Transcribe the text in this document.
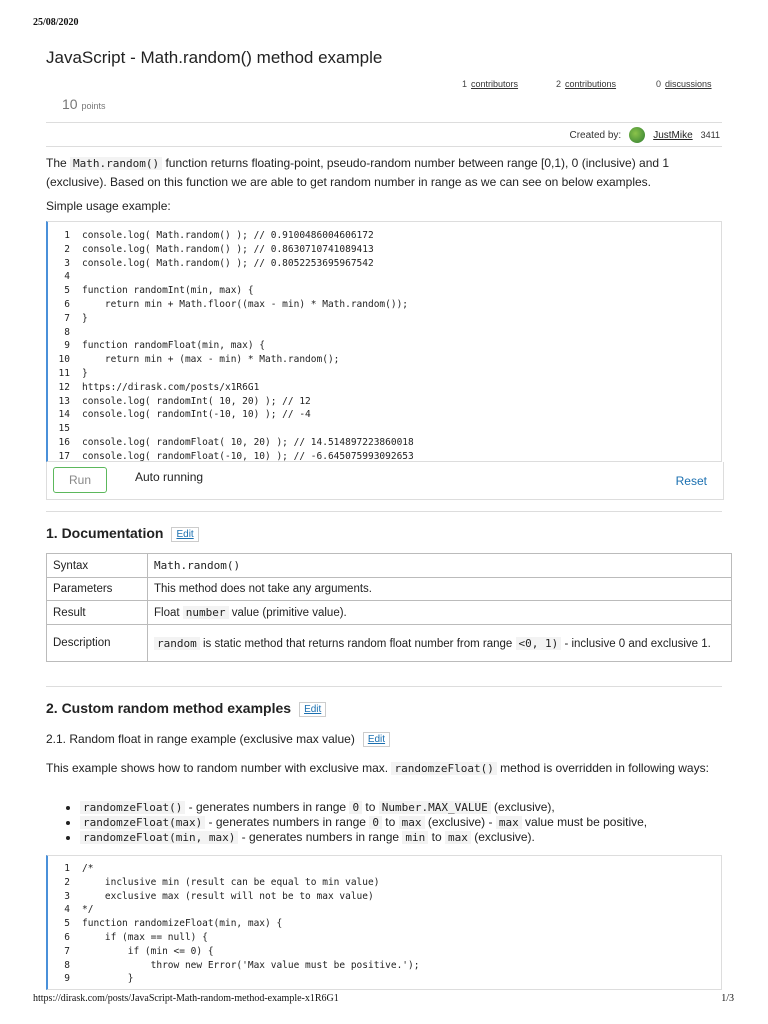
25/08/2020
JavaScript - Math.random() method example
1 contributors	2 contributions	0 discussions
10 points
Created by:	JustMike 3411
The Math.random() function returns floating-point, pseudo-random number between range [0,1), 0 (inclusive) and 1 (exclusive). Based on this function we are able to get random number in range as we can see on below examples.
Simple usage example:
1	console.log( Math.random() ); // 0.9100486004606172
2	console.log( Math.random() ); // 0.8630710741089413
3	console.log( Math.random() ); // 0.8052253695967542
4
5	function randomInt(min, max) {
6	return min + Math.floor((max - min) * Math.random());
7	}
8
9	function randomFloat(min, max) {
10	return min + (max - min) * Math.random();
11	}
12	https://dirask.com/posts/x1R6G1
13	console.log( randomInt( 10, 20) ); // 12
14	console.log( randomInt(-10, 10) ); // -4
15
16	console.log( randomFloat( 10, 20) ); // 14.514897223860018
17	console.log( randomFloat(-10, 10) ); // -6.645075993092653
Run	Auto running	Reset
1. Documentation Edit
Syntax	Math.random()
Parameters	This method does not take any arguments.
Result	Float number value (primitive value).
Description	random is static method that returns random float number from range <0, 1) - inclusive 0 and exclusive 1.
2. Custom random method examples Edit
2.1. Random float in range example (exclusive max value) Edit
This example shows how to random number with exclusive max. randomzeFloat() method is overridden in following ways:
• randomzeFloat() - generates numbers in range 0 to Number.MAX_VALUE (exclusive),
• randomzeFloat(max) - generates numbers in range 0 to max (exclusive) - max value must be positive,
• randomzeFloat(min, max) - generates numbers in range min to max (exclusive).
1	/*
2	inclusive min (result can be equal to min value)
3	exclusive max (result will not be to max value)
4	*/
5	function randomizeFloat(min, max) {
6	if (max == null) {
7	if (min <= 0) {
8	throw new Error('Max value must be positive.');
9	}
https://dirask.com/posts/JavaScript-Math-random-method-example-x1R6G1	1/3
